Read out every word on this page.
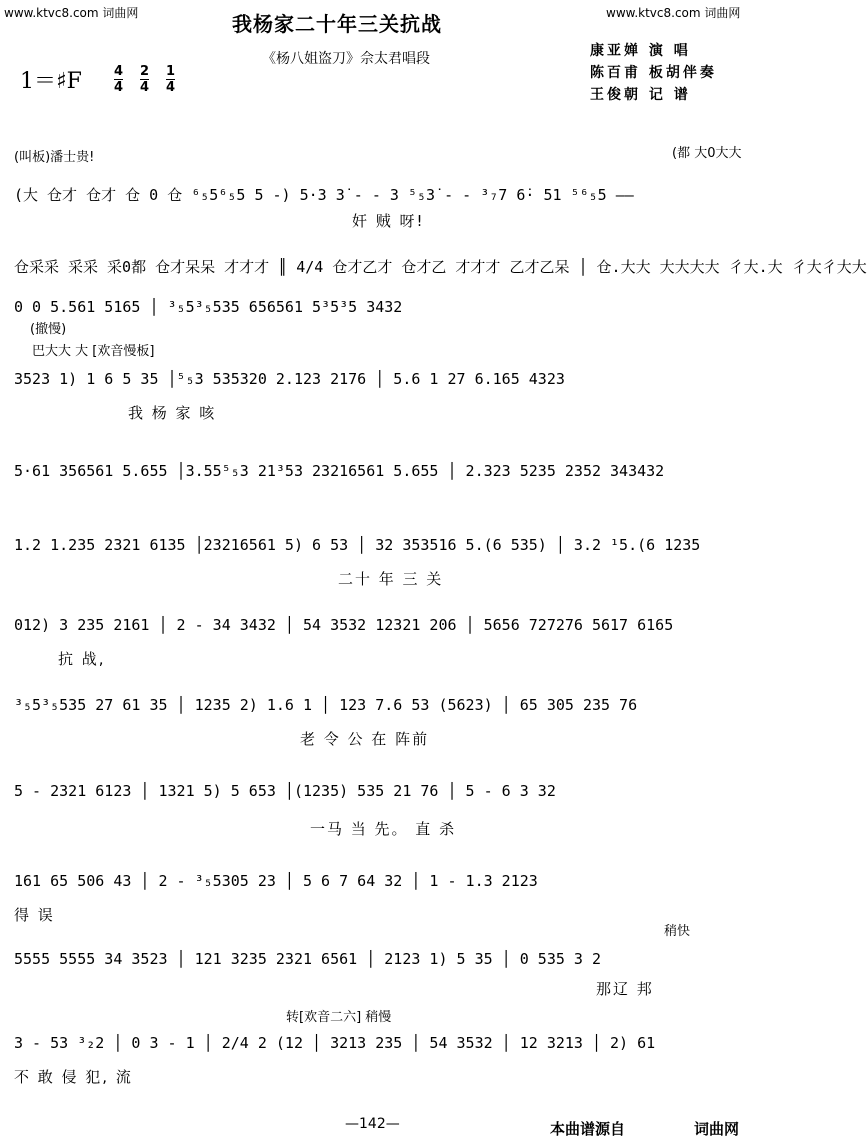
www.ktvc8.com 词曲网	www.ktvc8.com 词曲网
我杨家二十年三关抗战
《杨八姐盗刀》佘太君唱段	康亚婵 演 唱
陈百甫 板胡伴奏
王俊朝 记 谱
1＝♯F 4
4
2
4
1
4
(叫板)潘士贵!	(都 大0大大
(大 仓才 仓才 仓 0 仓 ⁶₅5⁶₅5 5 -) 5·3 3̇ - - 3 ⁵₅3̇ - - ³₇7 6̇· 51 ⁵⁶₅5 ——
奸 贼 呀!
仓采采 采采 采0都 仓才呆呆 才才才 ║ 4/4 仓才乙才 仓才乙 才才才 乙才乙呆 │ 仓.大大 大大大大 彳大.大 彳大彳大大
0 0 5.561 5165 │ ³₅5³₅535 656561 5³5³5 3432
(撤慢)
巴大大 大 [欢音慢板]
3523 1) 1 6 5 35 │⁵₅3 535320 2.123 2176 │ 5.6 1 27 6.165 4323
我 杨 家 咳
5·61 356561 5.655 │3.55⁵₅3 21³53 23216561 5.655 │ 2.323 5235 2352 343432
1.2 1.235 2321 6135 │23216561 5) 6 53 │ 32 353516 5.(6 535) │ 3.2 ¹5.(6 1235
二十 年 三 关
012) 3 235 2161 │ 2 - 34 3432 │ 54 3532 12321 206 │ 5656 727276 5617 6165
抗 战,
³₅5³₅535 27 61 35 │ 1235 2) 1.6 1 │ 123 7.6 53 (5623) │ 65 305 235 76
老 令 公 在 阵前
5 - 2321 6123 │ 1321 5) 5 653 │(1235) 535 21 76 │ 5 - 6 3 32
一马 当 先。 直 杀
161 65 506 43 │ 2 - ³₅5305 23 │ 5 6 7 64 32 │ 1 - 1.3 2123
得 误
稍快
5555 5555 34 3523 │ 121 3235 2321 6561 │ 2123 1) 5 35 │ 0 535 3 2
那辽 邦
转[欢音二六] 稍慢
3 - 53 ³₂2 │ 0 3 - 1 │ 2/4 2 (12 │ 3213 235 │ 54 3532 │ 12 3213 │ 2) 61
不 敢 侵 犯, 流
—142—	本曲谱源自	词曲网
